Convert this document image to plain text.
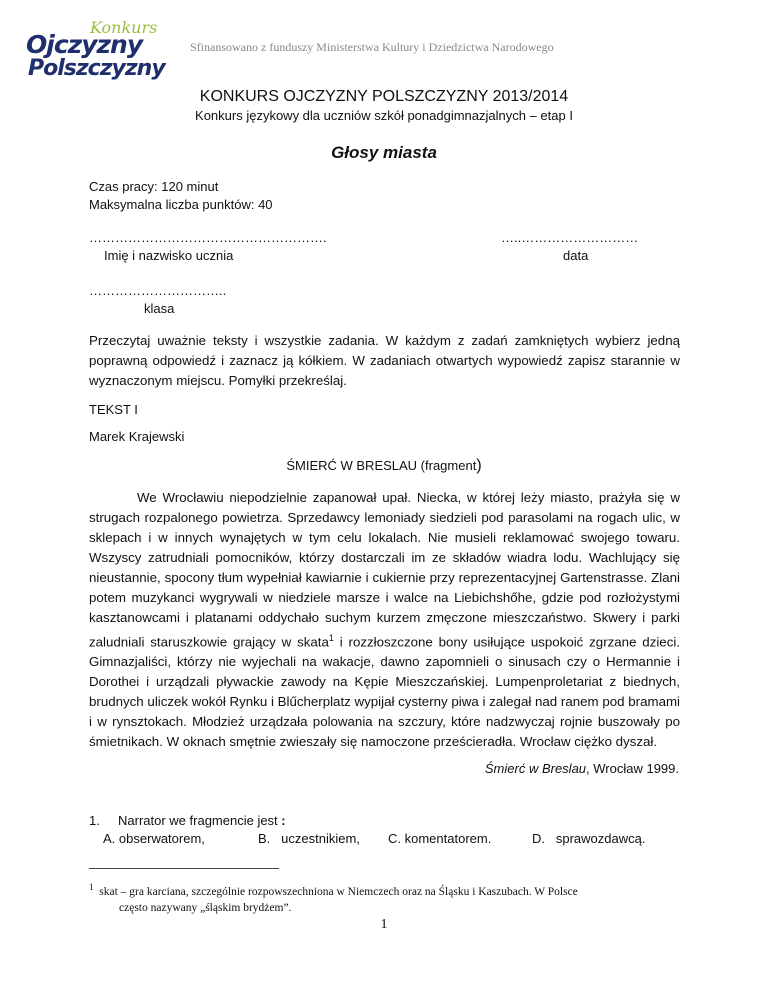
Konkurs
Ojczyzny
Polszczyzny
Sfinansowano z funduszy Ministerstwa Kultury i Dziedzictwa Narodowego
KONKURS OJCZYZNY POLSZCZYZNY 2013/2014
Konkurs językowy dla uczniów szkół ponadgimnazjalnych – etap I
Głosy miasta
Czas pracy: 120 minut
Maksymalna liczba punktów: 40
……………………………………………….
Imię i nazwisko ucznia
…..………………………
data
…………………………..
klasa

Przeczytaj uważnie teksty i wszystkie zadania. W każdym z zadań zamkniętych wybierz jedną poprawną odpowiedź i zaznacz ją kółkiem. W zadaniach otwartych wypowiedź zapisz starannie w wyznaczonym miejscu. Pomyłki przekreślaj.

TEKST I
Marek Krajewski
ŚMIERĆ W BRESLAU (fragment)

We Wrocławiu niepodzielnie zapanował upał. Niecka, w której leży miasto, prażyła się w strugach rozpalonego powietrza. Sprzedawcy lemoniady siedzieli pod parasolami na rogach ulic, w sklepach i w innych wynajętych w tym celu lokalach. Nie musieli reklamować swojego towaru. Wszyscy zatrudniali pomocników, którzy dostarczali im ze składów wiadra lodu. Wachlujący się nieustannie, spocony tłum wypełniał kawiarnie i cukiernie przy reprezentacyjnej Gartenstrasse. Zlani potem muzykanci wygrywali w niedziele marsze i walce na Liebichshőhe, gdzie pod rozłożystymi kasztanowcami i platanami oddychało suchym kurzem zmęczone mieszczaństwo. Skwery i parki zaludniali staruszkowie grający w skata$^1$ i rozzłoszczone bony usiłujące uspokoić zgrzane dzieci. Gimnazjaliści, którzy nie wyjechali na wakacje, dawno zapomnieli o sinusach czy o Hermannie i Dorothei i urządzali pływackie zawody na Kępie Mieszczańskiej. Lumpenproletariat z biednych, brudnych uliczek wokół Rynku i Blűcherplatz wypijał cysterny piwa i zalegał nad ranem pod bramami i w rynsztokach. Młodzież urządzała polowania na szczury, które nadzwyczaj rojnie buszowały po śmietnikach. W oknach smętnie zwieszały się namoczone prześcieradła. Wrocław ciężko dyszał.

Śmierć w Breslau, Wrocław 1999.
1. Narrator we fragmencie jest :
A. obserwatorem,	B. uczestnikiem, C. komentatorem.	D. sprawozdawcą.
$^1$ skat – gra karciana, szczególnie rozpowszechniona w Niemczech oraz na Śląsku i Kaszubach. W Polsce
często nazywany „śląskim brydżem”.
1
